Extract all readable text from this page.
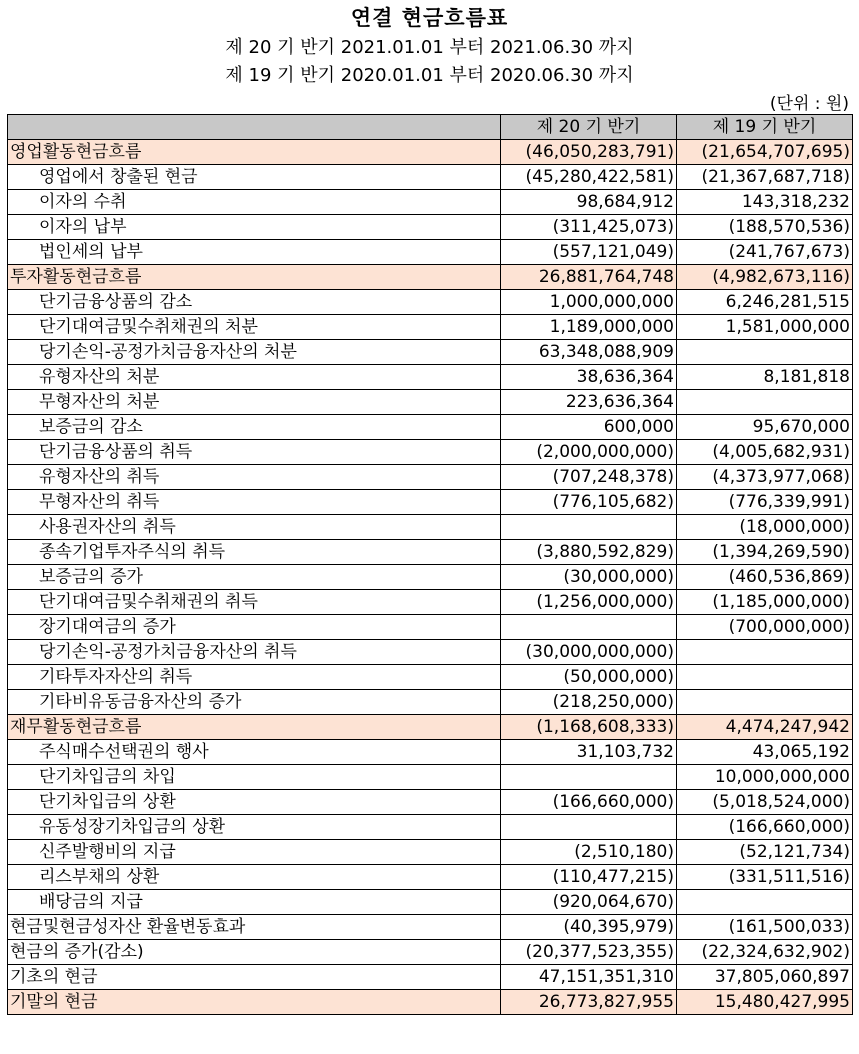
연결 현금흐름표
제 20 기 반기 2021.01.01 부터 2021.06.30 까지
제 19 기 반기 2020.01.01 부터 2020.06.30 까지
(단위 : 원)
	제 20 기 반기	제 19 기 반기
영업활동현금흐름	(46,050,283,791)	(21,654,707,695)
영업에서 창출된 현금	(45,280,422,581)	(21,367,687,718)
이자의 수취	98,684,912	143,318,232
이자의 납부	(311,425,073)	(188,570,536)
법인세의 납부	(557,121,049)	(241,767,673)
투자활동현금흐름	26,881,764,748	(4,982,673,116)
단기금융상품의 감소	1,000,000,000	6,246,281,515
단기대여금및수취채권의 처분	1,189,000,000	1,581,000,000
당기손익-공정가치금융자산의 처분	63,348,088,909	
유형자산의 처분	38,636,364	8,181,818
무형자산의 처분	223,636,364	
보증금의 감소	600,000	95,670,000
단기금융상품의 취득	(2,000,000,000)	(4,005,682,931)
유형자산의 취득	(707,248,378)	(4,373,977,068)
무형자산의 취득	(776,105,682)	(776,339,991)
사용권자산의 취득		(18,000,000)
종속기업투자주식의 취득	(3,880,592,829)	(1,394,269,590)
보증금의 증가	(30,000,000)	(460,536,869)
단기대여금및수취채권의 취득	(1,256,000,000)	(1,185,000,000)
장기대여금의 증가		(700,000,000)
당기손익-공정가치금융자산의 취득	(30,000,000,000)	
기타투자자산의 취득	(50,000,000)	
기타비유동금융자산의 증가	(218,250,000)	
재무활동현금흐름	(1,168,608,333)	4,474,247,942
주식매수선택권의 행사	31,103,732	43,065,192
단기차입금의 차입		10,000,000,000
단기차입금의 상환	(166,660,000)	(5,018,524,000)
유동성장기차입금의 상환		(166,660,000)
신주발행비의 지급	(2,510,180)	(52,121,734)
리스부채의 상환	(110,477,215)	(331,511,516)
배당금의 지급	(920,064,670)	
현금및현금성자산 환율변동효과	(40,395,979)	(161,500,033)
현금의 증가(감소)	(20,377,523,355)	(22,324,632,902)
기초의 현금	47,151,351,310	37,805,060,897
기말의 현금	26,773,827,955	15,480,427,995
